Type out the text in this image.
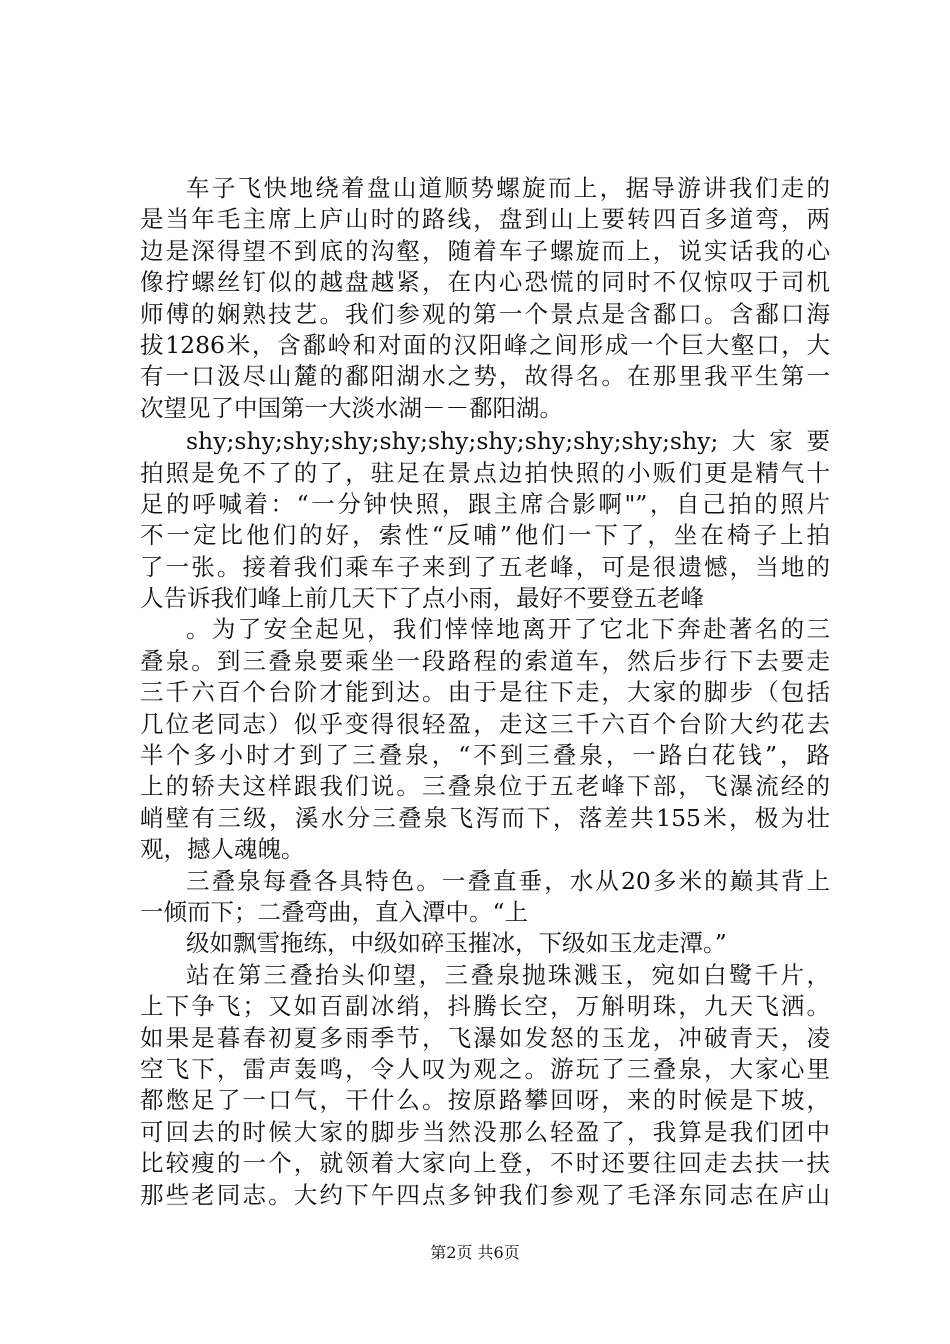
车子飞快地绕着盘山道顺势螺旋而上，据导游讲我们走的
是当年毛主席上庐山时的路线，盘到山上要转四百多道弯，两
边是深得望不到底的沟壑，随着车子螺旋而上，说实话我的心
像拧螺丝钉似的越盘越紧，在内心恐慌的同时不仅惊叹于司机
师傅的娴熟技艺。我们参观的第一个景点是含鄱口。含鄱口海
拔1286米，含鄱岭和对面的汉阳峰之间形成一个巨大壑口，大
有一口汲尽山麓的鄱阳湖水之势，故得名。在那里我平生第一
次望见了中国第一大淡水湖－－鄱阳湖。
shy;shy;shy;shy;shy;shy;shy;shy;shy;shy;shy;大家要
拍照是免不了的了，驻足在景点边拍快照的小贩们更是精气十
足的呼喊着：“一分钟快照，跟主席合影啊"”，自己拍的照片
不一定比他们的好，索性“反哺”他们一下了，坐在椅子上拍
了一张。接着我们乘车子来到了五老峰，可是很遗憾，当地的
人告诉我们峰上前几天下了点小雨，最好不要登五老峰
。为了安全起见，我们悻悻地离开了它北下奔赴著名的三
叠泉。到三叠泉要乘坐一段路程的索道车，然后步行下去要走
三千六百个台阶才能到达。由于是往下走，大家的脚步（包括
几位老同志）似乎变得很轻盈，走这三千六百个台阶大约花去
半个多小时才到了三叠泉，“不到三叠泉，一路白花钱”，路
上的轿夫这样跟我们说。三叠泉位于五老峰下部，飞瀑流经的
峭壁有三级，溪水分三叠泉飞泻而下，落差共155米，极为壮
观，撼人魂魄。
三叠泉每叠各具特色。一叠直垂，水从20多米的巅其背上
一倾而下；二叠弯曲，直入潭中。“上
级如飘雪拖练，中级如碎玉摧冰，下级如玉龙走潭。”
站在第三叠抬头仰望，三叠泉抛珠溅玉，宛如白鹭千片，
上下争飞；又如百副冰绡，抖腾长空，万斛明珠，九天飞洒。
如果是暮春初夏多雨季节，飞瀑如发怒的玉龙，冲破青天，凌
空飞下，雷声轰鸣，令人叹为观之。游玩了三叠泉，大家心里
都憋足了一口气，干什么。按原路攀回呀，来的时候是下坡，
可回去的时候大家的脚步当然没那么轻盈了，我算是我们团中
比较瘦的一个，就领着大家向上登，不时还要往回走去扶一扶
那些老同志。大约下午四点多钟我们参观了毛泽东同志在庐山
第2页 共6页
